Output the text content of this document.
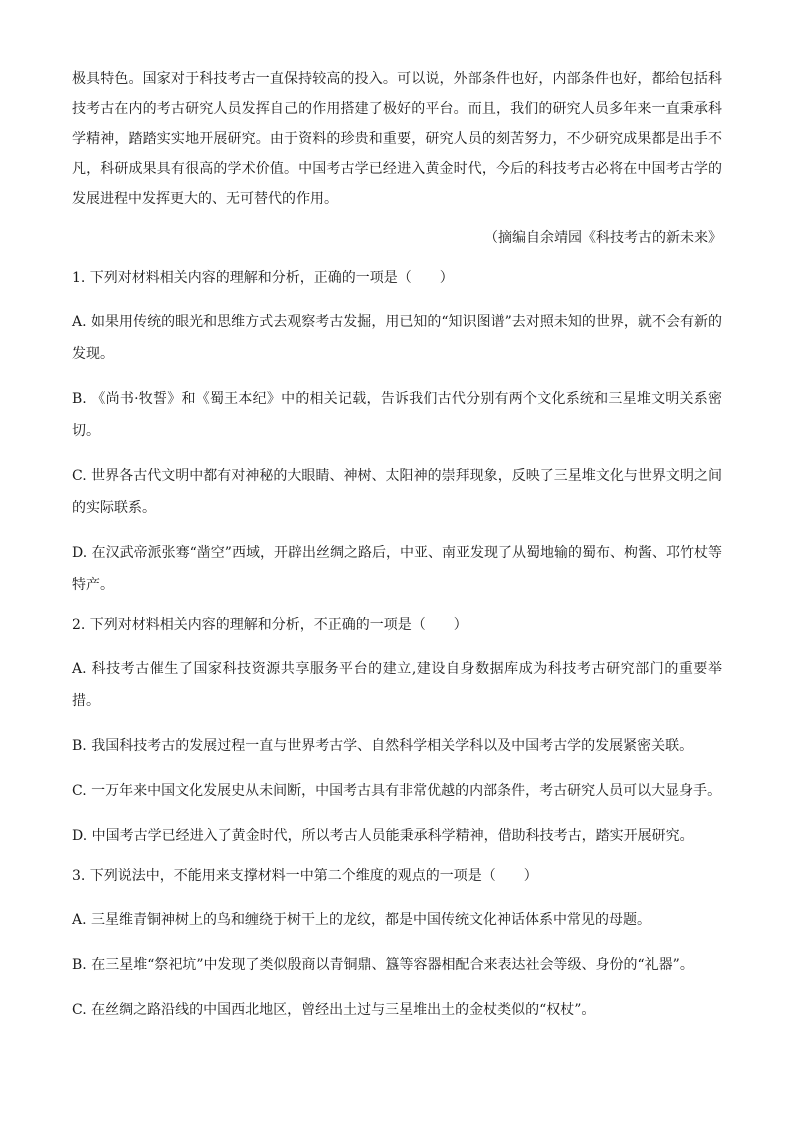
极具特色。国家对于科技考古一直保持较高的投入。可以说，外部条件也好，内部条件也好，都给包括科技考古在内的考古研究人员发挥自己的作用搭建了极好的平台。而且，我们的研究人员多年来一直秉承科学精神，踏踏实实地开展研究。由于资料的珍贵和重要，研究人员的刻苦努力，不少研究成果都是出手不凡，科研成果具有很高的学术价值。中国考古学已经进入黄金时代，今后的科技考古必将在中国考古学的发展进程中发挥更大的、无可替代的作用。

（摘编自余靖园《科技考古的新未来》

1. 下列对材料相关内容的理解和分析，正确的一项是（　　）

A. 如果用传统的眼光和思维方式去观察考古发掘，用已知的“知识图谱”去对照未知的世界，就不会有新的发现。

B. 《尚书·牧誓》和《蜀王本纪》中的相关记载，告诉我们古代分别有两个文化系统和三星堆文明关系密切。

C. 世界各古代文明中都有对神秘的大眼睛、神树、太阳神的崇拜现象，反映了三星堆文化与世界文明之间的实际联系。

D. 在汉武帝派张骞“凿空”西域，开辟出丝绸之路后，中亚、南亚发现了从蜀地输的蜀布、枸酱、邛竹杖等特产。

2. 下列对材料相关内容的理解和分析，不正确的一项是（　　）

A. 科技考古催生了国家科技资源共享服务平台的建立,建设自身数据库成为科技考古研究部门的重要举措。

B. 我国科技考古的发展过程一直与世界考古学、自然科学相关学科以及中国考古学的发展紧密关联。

C. 一万年来中国文化发展史从未间断，中国考古具有非常优越的内部条件，考古研究人员可以大显身手。

D. 中国考古学已经进入了黄金时代，所以考古人员能秉承科学精神，借助科技考古，踏实开展研究。

3. 下列说法中，不能用来支撑材料一中第二个维度的观点的一项是（　　）

A. 三星维青铜神树上的鸟和缠绕于树干上的龙纹，都是中国传统文化神话体系中常见的母题。

B. 在三星堆“祭祀坑”中发现了类似殷商以青铜鼎、簋等容器相配合来表达社会等级、身份的“礼器”。

C. 在丝绸之路沿线的中国西北地区，曾经出土过与三星堆出土的金杖类似的“权杖”。
